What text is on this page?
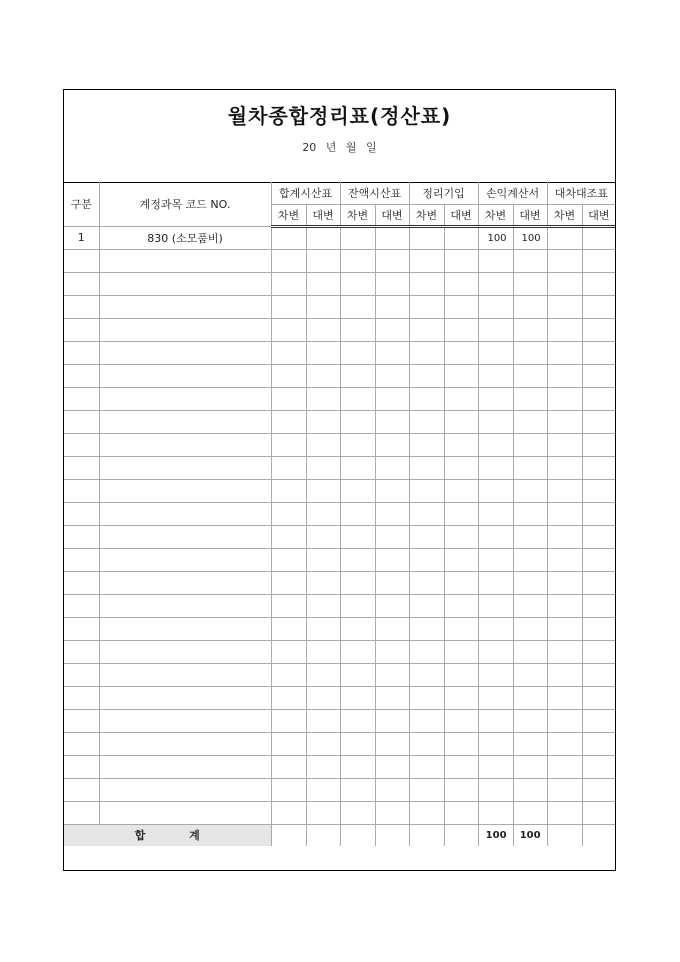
월차종합정리표(정산표)
20 년 월 일
구분	계정과목 코드 NO.	합계시산표		잔액시산표		정리기입		손익계산서		대차대조표	
		차변	대변	차변	대변	차변	대변	차변	대변	차변	대변
1	830 (소모품비)							100	100		

합 계								100	100		
